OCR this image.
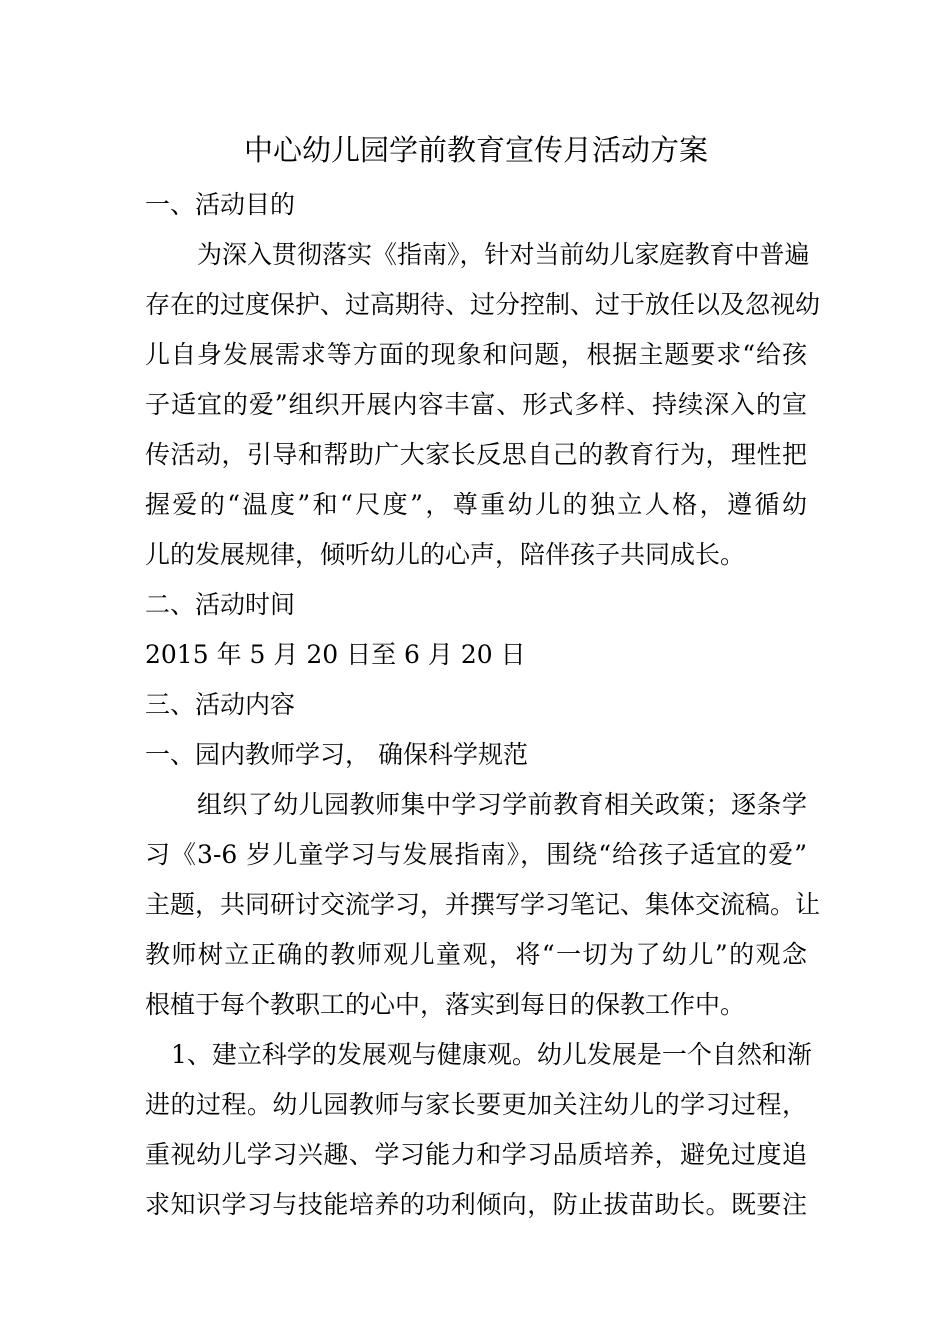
中心幼儿园学前教育宣传月活动方案

一、活动目的

为深入贯彻落实《指南》，针对当前幼儿家庭教育中普遍

存在的过度保护、过高期待、过分控制、过于放任以及忽视幼

儿自身发展需求等方面的现象和问题，根据主题要求“给孩

子适宜的爱”组织开展内容丰富、形式多样、持续深入的宣

传活动，引导和帮助广大家长反思自己的教育行为，理性把

握爱的“温度”和“尺度”，尊重幼儿的独立人格，遵循幼

儿的发展规律，倾听幼儿的心声，陪伴孩子共同成长。

二、活动时间

2015 年 5 月 20 日至 6 月 20 日

三、活动内容

一、园内教师学习， 确保科学规范

组织了幼儿园教师集中学习学前教育相关政策；逐条学

习《3-6 岁儿童学习与发展指南》，围绕“给孩子适宜的爱”

主题，共同研讨交流学习，并撰写学习笔记、集体交流稿。让

教师树立正确的教师观儿童观，将“一切为了幼儿”的观念

根植于每个教职工的心中，落实到每日的保教工作中。

1、建立科学的发展观与健康观。幼儿发展是一个自然和渐

进的过程。幼儿园教师与家长要更加关注幼儿的学习过程，

重视幼儿学习兴趣、学习能力和学习品质培养，避免过度追

求知识学习与技能培养的功利倾向，防止拔苗助长。既要注
